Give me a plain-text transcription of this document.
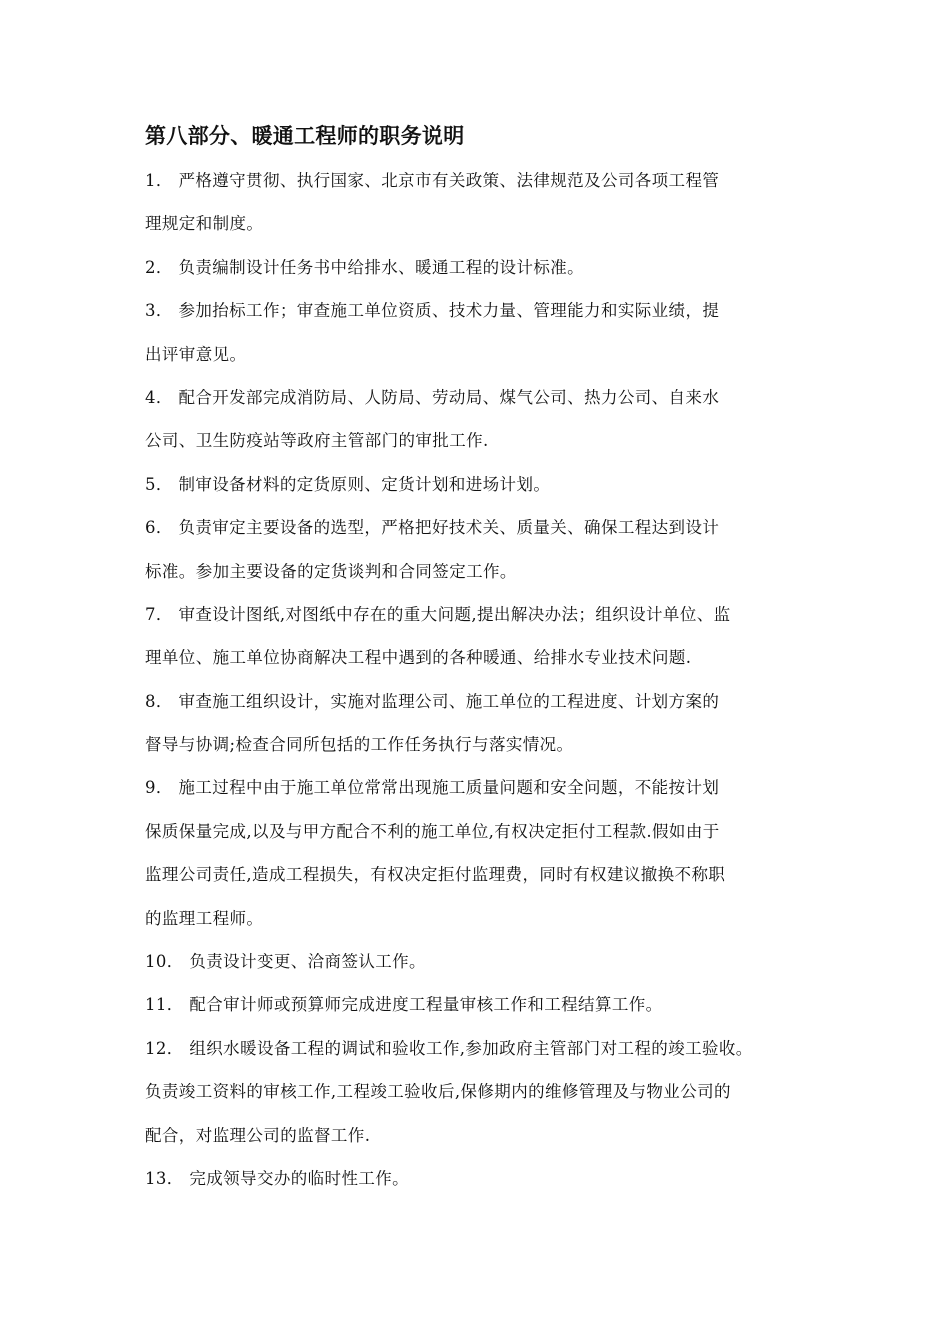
第八部分、暖通工程师的职务说明
1． 严格遵守贯彻、执行国家、北京市有关政策、法律规范及公司各项工程管
理规定和制度。
2． 负责编制设计任务书中给排水、暖通工程的设计标准。
3． 参加抬标工作；审查施工单位资质、技术力量、管理能力和实际业绩，提
出评审意见。
4． 配合开发部完成消防局、人防局、劳动局、煤气公司、热力公司、自来水
公司、卫生防疫站等政府主管部门的审批工作.
5． 制审设备材料的定货原则、定货计划和进场计划。
6． 负责审定主要设备的选型，严格把好技术关、质量关、确保工程达到设计
标准。参加主要设备的定货谈判和合同签定工作。
7． 审查设计图纸,对图纸中存在的重大问题,提出解决办法；组织设计单位、监
理单位、施工单位协商解决工程中遇到的各种暖通、给排水专业技术问题.
8． 审查施工组织设计，实施对监理公司、施工单位的工程进度、计划方案的
督导与协调;检查合同所包括的工作任务执行与落实情况。
9． 施工过程中由于施工单位常常出现施工质量问题和安全问题，不能按计划
保质保量完成,以及与甲方配合不利的施工单位,有权决定拒付工程款.假如由于
监理公司责任,造成工程损失，有权决定拒付监理费，同时有权建议撤换不称职
的监理工程师。
10． 负责设计变更、洽商签认工作。
11． 配合审计师或预算师完成进度工程量审核工作和工程结算工作。
12． 组织水暖设备工程的调试和验收工作,参加政府主管部门对工程的竣工验收。
负责竣工资料的审核工作,工程竣工验收后,保修期内的维修管理及与物业公司的
配合，对监理公司的监督工作.
13． 完成领导交办的临时性工作。
